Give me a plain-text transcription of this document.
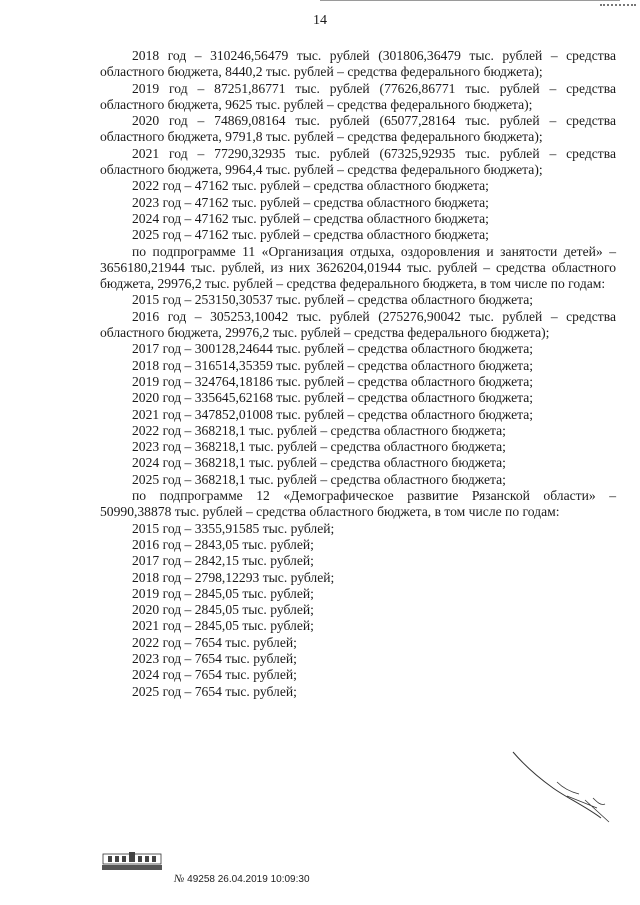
14

2018 год – 310246,56479 тыс. рублей (301806,36479 тыс. рублей – средства областного бюджета, 8440,2 тыс. рублей – средства федерального бюджета);

2019 год – 87251,86771 тыс. рублей (77626,86771 тыс. рублей – средства областного бюджета, 9625 тыс. рублей – средства федерального бюджета);

2020 год – 74869,08164 тыс. рублей (65077,28164 тыс. рублей – средства областного бюджета, 9791,8 тыс. рублей – средства федерального бюджета);

2021 год – 77290,32935 тыс. рублей (67325,92935 тыс. рублей – средства областного бюджета, 9964,4 тыс. рублей – средства федерального бюджета);

2022 год – 47162 тыс. рублей – средства областного бюджета;

2023 год – 47162 тыс. рублей – средства областного бюджета;

2024 год – 47162 тыс. рублей – средства областного бюджета;

2025 год – 47162 тыс. рублей – средства областного бюджета;

по подпрограмме 11 «Организация отдыха, оздоровления и занятости детей» – 3656180,21944 тыс. рублей, из них 3626204,01944 тыс. рублей – средства областного бюджета, 29976,2 тыс. рублей – средства федерального бюджета, в том числе по годам:

2015 год – 253150,30537 тыс. рублей – средства областного бюджета;

2016 год – 305253,10042 тыс. рублей (275276,90042 тыс. рублей – средства областного бюджета, 29976,2 тыс. рублей – средства федерального бюджета);

2017 год – 300128,24644 тыс. рублей – средства областного бюджета;

2018 год – 316514,35359 тыс. рублей – средства областного бюджета;

2019 год – 324764,18186 тыс. рублей – средства областного бюджета;

2020 год – 335645,62168 тыс. рублей – средства областного бюджета;

2021 год – 347852,01008 тыс. рублей – средства областного бюджета;

2022 год – 368218,1 тыс. рублей – средства областного бюджета;

2023 год – 368218,1 тыс. рублей – средства областного бюджета;

2024 год – 368218,1 тыс. рублей – средства областного бюджета;

2025 год – 368218,1 тыс. рублей – средства областного бюджета;

по подпрограмме 12 «Демографическое развитие Рязанской области» – 50990,38878 тыс. рублей – средства областного бюджета, в том числе по годам:

2015 год – 3355,91585 тыс. рублей;

2016 год – 2843,05 тыс. рублей;

2017 год – 2842,15 тыс. рублей;

2018 год – 2798,12293 тыс. рублей;

2019 год – 2845,05 тыс. рублей;

2020 год – 2845,05 тыс. рублей;

2021 год – 2845,05 тыс. рублей;

2022 год – 7654 тыс. рублей;

2023 год – 7654 тыс. рублей;

2024 год – 7654 тыс. рублей;

2025 год – 7654 тыс. рублей;

№ 49258 26.04.2019 10:09:30
